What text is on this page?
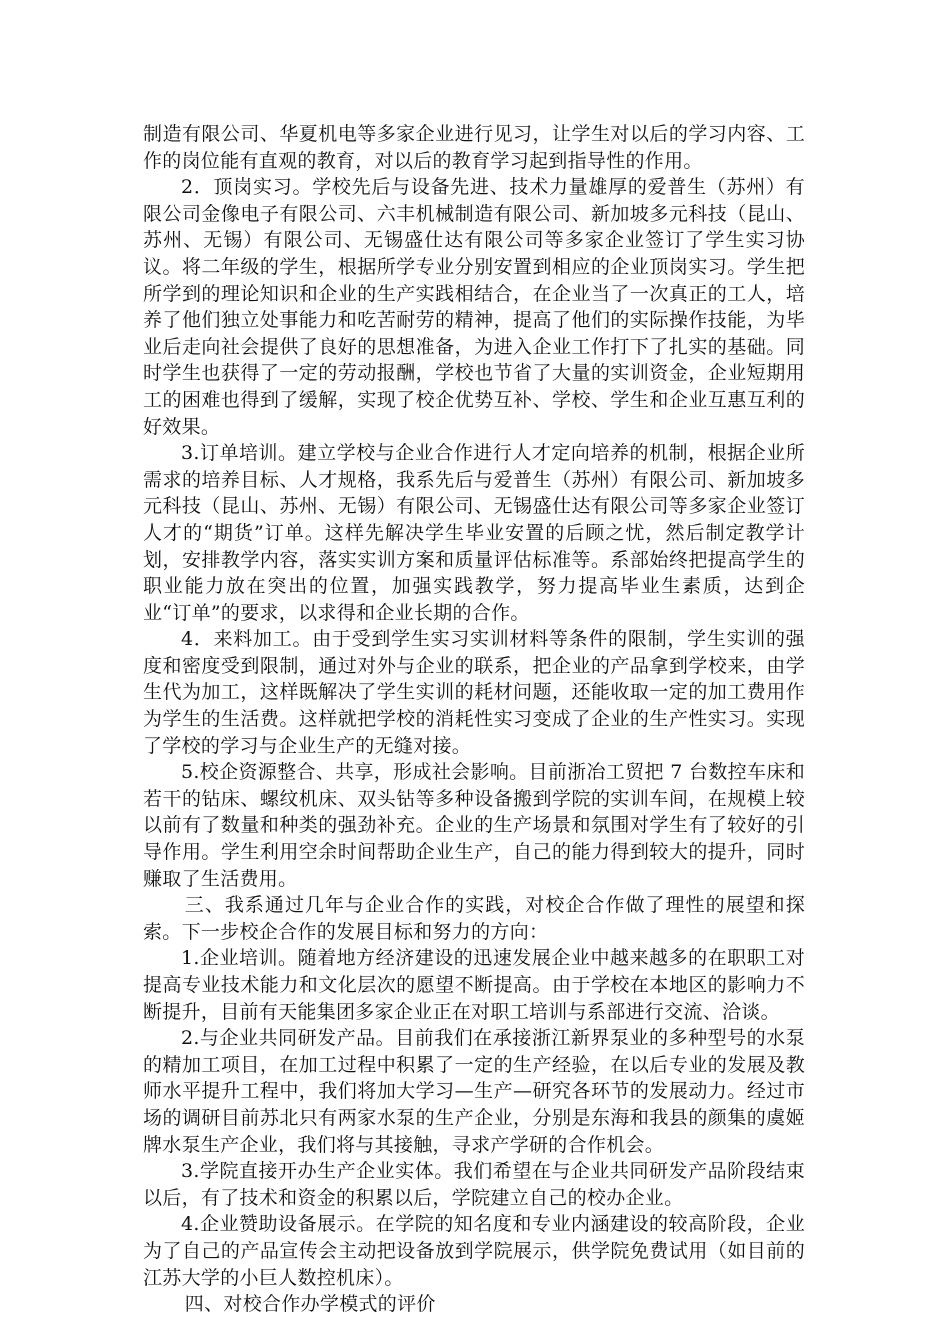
制造有限公司、华夏机电等多家企业进行见习，让学生对以后的学习内容、工作的岗位能有直观的教育，对以后的教育学习起到指导性的作用。

2．顶岗实习。学校先后与设备先进、技术力量雄厚的爱普生（苏州）有限公司金像电子有限公司、六丰机械制造有限公司、新加坡多元科技（昆山、苏州、无锡）有限公司、无锡盛仕达有限公司等多家企业签订了学生实习协议。将二年级的学生，根据所学专业分别安置到相应的企业顶岗实习。学生把所学到的理论知识和企业的生产实践相结合，在企业当了一次真正的工人，培养了他们独立处事能力和吃苦耐劳的精神，提高了他们的实际操作技能，为毕业后走向社会提供了良好的思想准备，为进入企业工作打下了扎实的基础。同时学生也获得了一定的劳动报酬，学校也节省了大量的实训资金，企业短期用工的困难也得到了缓解，实现了校企优势互补、学校、学生和企业互惠互利的好效果。

3.订单培训。建立学校与企业合作进行人才定向培养的机制，根据企业所需求的培养目标、人才规格，我系先后与爱普生（苏州）有限公司、新加坡多元科技（昆山、苏州、无锡）有限公司、无锡盛仕达有限公司等多家企业签订人才的“期货”订单。这样先解决学生毕业安置的后顾之忧，然后制定教学计划，安排教学内容，落实实训方案和质量评估标准等。系部始终把提高学生的职业能力放在突出的位置，加强实践教学，努力提高毕业生素质，达到企业“订单”的要求，以求得和企业长期的合作。

4．来料加工。由于受到学生实习实训材料等条件的限制，学生实训的强度和密度受到限制，通过对外与企业的联系，把企业的产品拿到学校来，由学生代为加工，这样既解决了学生实训的耗材问题，还能收取一定的加工费用作为学生的生活费。这样就把学校的消耗性实习变成了企业的生产性实习。实现了学校的学习与企业生产的无缝对接。

5.校企资源整合、共享，形成社会影响。目前浙冶工贸把 7 台数控车床和若干的钻床、螺纹机床、双头钻等多种设备搬到学院的实训车间，在规模上较以前有了数量和种类的强劲补充。企业的生产场景和氛围对学生有了较好的引导作用。学生利用空余时间帮助企业生产，自己的能力得到较大的提升，同时赚取了生活费用。

三、我系通过几年与企业合作的实践，对校企合作做了理性的展望和探索。下一步校企合作的发展目标和努力的方向：

1.企业培训。随着地方经济建设的迅速发展企业中越来越多的在职职工对提高专业技术能力和文化层次的愿望不断提高。由于学校在本地区的影响力不断提升，目前有天能集团多家企业正在对职工培训与系部进行交流、洽谈。

2.与企业共同研发产品。目前我们在承接浙江新界泵业的多种型号的水泵的精加工项目，在加工过程中积累了一定的生产经验，在以后专业的发展及教师水平提升工程中，我们将加大学习—生产—研究各环节的发展动力。经过市场的调研目前苏北只有两家水泵的生产企业，分别是东海和我县的颜集的虞姬牌水泵生产企业，我们将与其接触，寻求产学研的合作机会。

3.学院直接开办生产企业实体。我们希望在与企业共同研发产品阶段结束以后，有了技术和资金的积累以后，学院建立自己的校办企业。

4.企业赞助设备展示。在学院的知名度和专业内涵建设的较高阶段，企业为了自己的产品宣传会主动把设备放到学院展示，供学院免费试用（如目前的江苏大学的小巨人数控机床）。

四、对校合作办学模式的评价
